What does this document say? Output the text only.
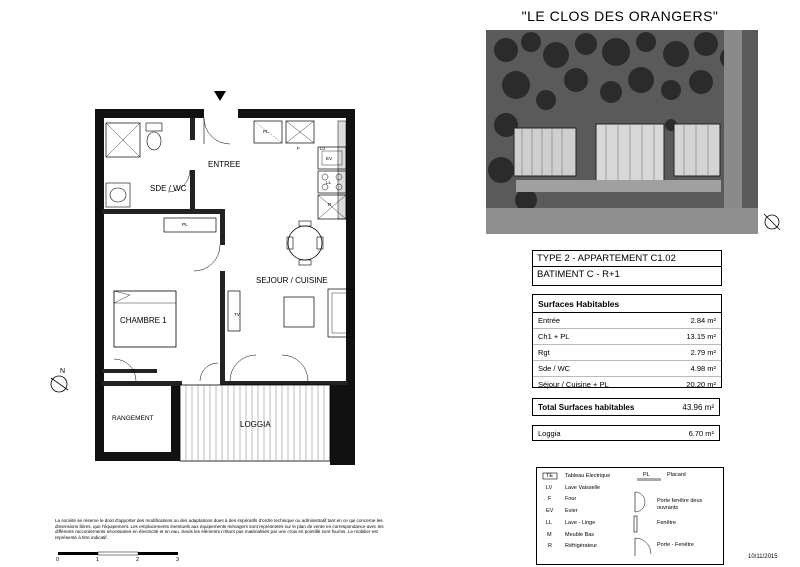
"LE CLOS DES ORANGERS"
TYPE 2 - APPARTEMENT C1.02
BATIMENT C - R+1
Surfaces Habitables
Entrée	2.84 m²
Ch1 + PL	13.15 m²
Rgt	2.79 m²
Sde / WC	4.98 m²
Séjour / Cuisine + PL	20.20 m²
Total Surfaces habitables	43.96 m²
Loggia	6.70 m²
TE Tableau Electrique
LV Lave Vaisselle
F Four
EV Evier
LL Lave - Linge
M Meuble Bas
R Réfrigérateur
PL	Placard
Porte fenêtre deux ouvrants
Fenêtre
Porte - Fenêtre
ENTREE
SDE / WC
SEJOUR / CUISINE
CHAMBRE 1
RANGEMENT
LOGGIA
PL
PL
TV
F	LV
EV
LL
R
N
La société se réserve le droit d'apporter des modifications ou des adaptations dues à des impératifs d'ordre technique ou administratif tant en ce qui concerne les dimensions libres, que l'équipement. Les emplacements éventuels aux équipements ménagers sont représentés sur le plan de vente en correspondance avec les différents raccordements nécessaires en électricité et en eau. Seuls les éléments n'étant pas matérialisés par une croix en pointillé sont fournis. Le mobilier est représenté à titre indicatif.
0	1	2	3	10/11/2015
